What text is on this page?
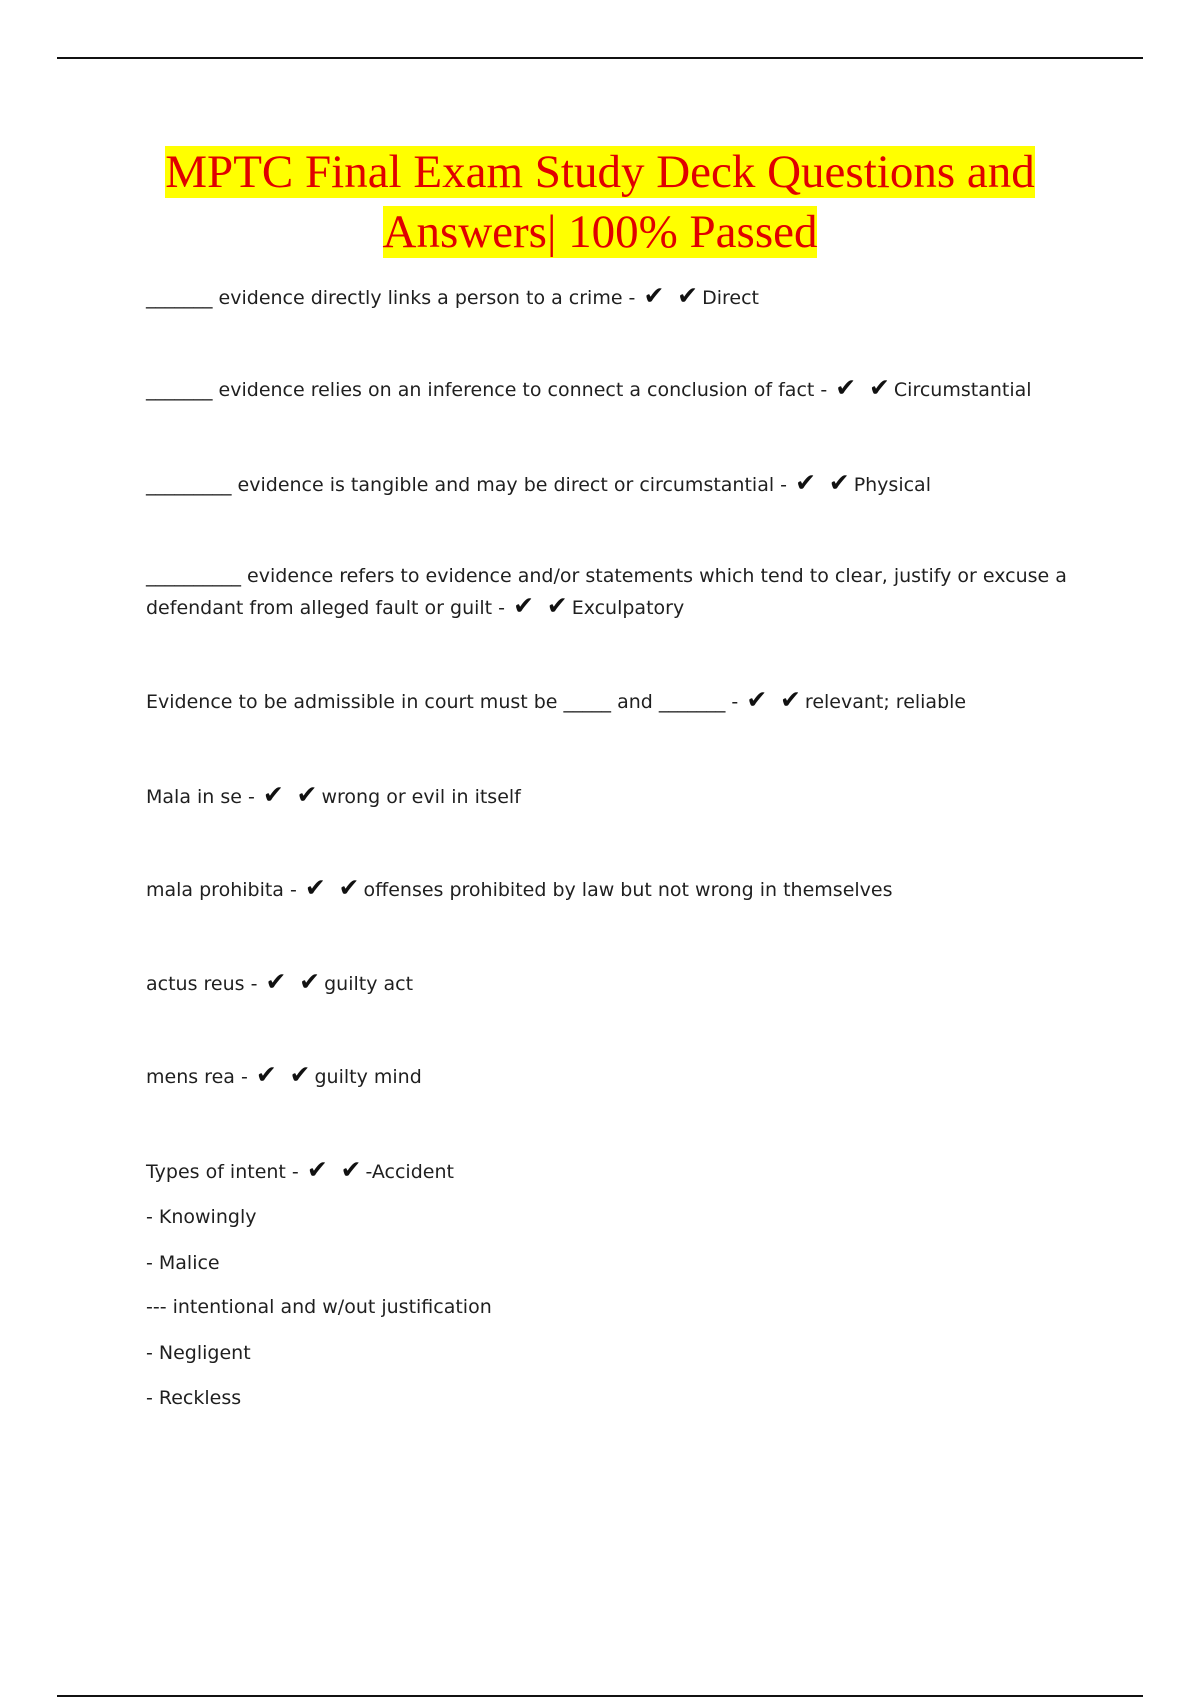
MPTC Final Exam Study Deck Questions and
Answers| 100% Passed

_______ evidence directly links a person to a crime - ✔ ✔ Direct

_______ evidence relies on an inference to connect a conclusion of fact - ✔ ✔ Circumstantial

_________ evidence is tangible and may be direct or circumstantial - ✔ ✔ Physical

__________ evidence refers to evidence and/or statements which tend to clear, justify or excuse a defendant from alleged fault or guilt - ✔ ✔ Exculpatory

Evidence to be admissible in court must be _____ and _______ - ✔ ✔ relevant; reliable

Mala in se - ✔ ✔ wrong or evil in itself

mala prohibita - ✔ ✔ offenses prohibited by law but not wrong in themselves

actus reus - ✔ ✔ guilty act

mens rea - ✔ ✔ guilty mind

Types of intent - ✔ ✔ -Accident

- Knowingly

- Malice

--- intentional and w/out justification

- Negligent

- Reckless
